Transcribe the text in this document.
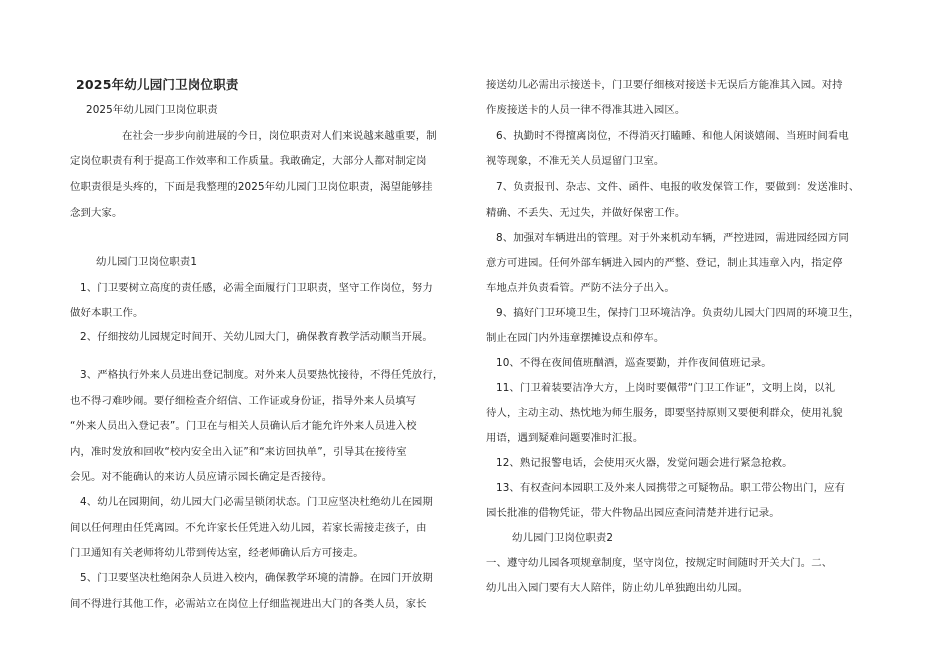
2025年幼儿园门卫岗位职责
2025年幼儿园门卫岗位职责
在社会一步步向前进展的今日，岗位职责对人们来说越来越重要，制
定岗位职责有利于提高工作效率和工作质量。我敢确定，大部分人都对制定岗
位职责很是头疼的，下面是我整理的2025年幼儿园门卫岗位职责，渴望能够挂
念到大家。
幼儿园门卫岗位职责1
1、门卫要树立高度的责任感，必需全面履行门卫职责，坚守工作岗位，努力
做好本职工作。
2、仔细按幼儿园规定时间开、关幼儿园大门，确保教育教学活动顺当开展。
3、严格执行外来人员进出登记制度。对外来人员要热忱接待，不得任凭放行，
也不得刁难吵闹。要仔细检查介绍信、工作证或身份证，指导外来人员填写
“外来人员出入登记表”。门卫在与相关人员确认后才能允许外来人员进入校
内，准时发放和回收“校内安全出入证”和“来访回执单”，引导其在接待室
会见。对不能确认的来访人员应请示园长确定是否接待。
4、幼儿在园期间，幼儿园大门必需呈锁闭状态。门卫应坚决杜绝幼儿在园期
间以任何理由任凭离园。不允许家长任凭进入幼儿园，若家长需接走孩子，由
门卫通知有关老师将幼儿带到传达室，经老师确认后方可接走。
5、门卫要坚决杜绝闲杂人员进入校内，确保教学环境的清静。在园门开放期
间不得进行其他工作，必需站立在岗位上仔细监视进出大门的各类人员，家长
接送幼儿必需出示接送卡，门卫要仔细核对接送卡无误后方能准其入园。对持
作废接送卡的人员一律不得准其进入园区。
6、执勤时不得擅离岗位，不得消灭打瞌睡、和他人闲谈嬉闹、当班时间看电
视等现象，不准无关人员逗留门卫室。
7、负责报刊、杂志、文件、函件、电报的收发保管工作，要做到：发送准时、
精确、不丢失、无过失，并做好保密工作。
8、加强对车辆进出的管理。对于外来机动车辆，严控进园，需进园经园方同
意方可进园。任何外部车辆进入园内的严整、登记，制止其违章入内，指定停
车地点并负责看管。严防不法分子出入。
9、搞好门卫环境卫生，保持门卫环境洁净。负责幼儿园大门四周的环境卫生，
制止在园门内外违章摆摊设点和停车。
10、不得在夜间值班酗酒，巡查要勤，并作夜间值班记录。
11、门卫着装要洁净大方，上岗时要佩带“门卫工作证”，文明上岗，以礼
待人，主动主动、热忱地为师生服务，即要坚持原则又要便利群众，使用礼貌
用语，遇到疑难问题要准时汇报。
12、熟记报警电话，会使用灭火器，发觉问题会进行紧急抢救。
13、有权查问本园职工及外来人园携带之可疑物品。职工带公物出门，应有
园长批准的借物凭证，带大件物品出园应查问清楚并进行记录。
幼儿园门卫岗位职责2
一、遵守幼儿园各项规章制度，坚守岗位，按规定时间随时开关大门。二、
幼儿出入园门要有大人陪伴，防止幼儿单独跑出幼儿园。
